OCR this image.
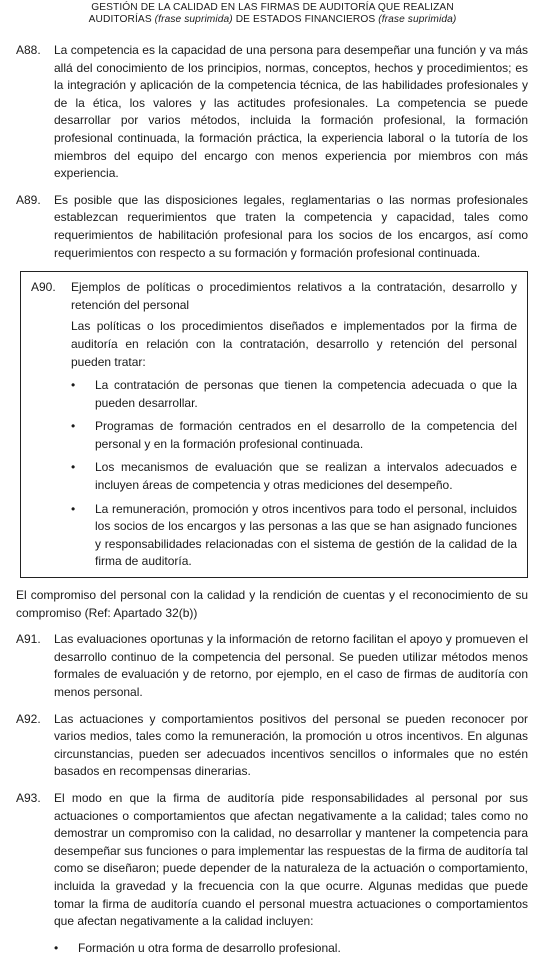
GESTIÓN DE LA CALIDAD EN LAS FIRMAS DE AUDITORÍA QUE REALIZAN
AUDITORÍAS (frase suprimida) DE ESTADOS FINANCIEROS (frase suprimida)
A88.	La competencia es la capacidad de una persona para desempeñar una función y va más allá del conocimiento de los principios, normas, conceptos, hechos y procedimientos; es la integración y aplicación de la competencia técnica, de las habilidades profesionales y de la ética, los valores y las actitudes profesionales. La competencia se puede desarrollar por varios métodos, incluida la formación profesional, la formación profesional continuada, la formación práctica, la experiencia laboral o la tutoría de los miembros del equipo del encargo con menos experiencia por miembros con más experiencia.
A89.	Es posible que las disposiciones legales, reglamentarias o las normas profesionales establezcan requerimientos que traten la competencia y capacidad, tales como requerimientos de habilitación profesional para los socios de los encargos, así como requerimientos con respecto a su formación y formación profesional continuada.
A90.	Ejemplos de políticas o procedimientos relativos a la contratación, desarrollo y retención del personal
Las políticas o los procedimientos diseñados e implementados por la firma de auditoría en relación con la contratación, desarrollo y retención del personal pueden tratar:
•	La contratación de personas que tienen la competencia adecuada o que la pueden desarrollar.
•	Programas de formación centrados en el desarrollo de la competencia del personal y en la formación profesional continuada.
•	Los mecanismos de evaluación que se realizan a intervalos adecuados e incluyen áreas de competencia y otras mediciones del desempeño.
•	La remuneración, promoción y otros incentivos para todo el personal, incluidos los socios de los encargos y las personas a las que se han asignado funciones y responsabilidades relacionadas con el sistema de gestión de la calidad de la firma de auditoría.
El compromiso del personal con la calidad y la rendición de cuentas y el reconocimiento de su compromiso (Ref: Apartado 32(b))
A91.	Las evaluaciones oportunas y la información de retorno facilitan el apoyo y promueven el desarrollo continuo de la competencia del personal. Se pueden utilizar métodos menos formales de evaluación y de retorno, por ejemplo, en el caso de firmas de auditoría con menos personal.
A92.	Las actuaciones y comportamientos positivos del personal se pueden reconocer por varios medios, tales como la remuneración, la promoción u otros incentivos. En algunas circunstancias, pueden ser adecuados incentivos sencillos o informales que no estén basados en recompensas dinerarias.
A93.	El modo en que la firma de auditoría pide responsabilidades al personal por sus actuaciones o comportamientos que afectan negativamente a la calidad; tales como no demostrar un compromiso con la calidad, no desarrollar y mantener la competencia para desempeñar sus funciones o para implementar las respuestas de la firma de auditoría tal como se diseñaron; puede depender de la naturaleza de la actuación o comportamiento, incluida la gravedad y la frecuencia con la que ocurre. Algunas medidas que puede tomar la firma de auditoría cuando el personal muestra actuaciones o comportamientos que afectan negativamente a la calidad incluyen:
•	Formación u otra forma de desarrollo profesional.
